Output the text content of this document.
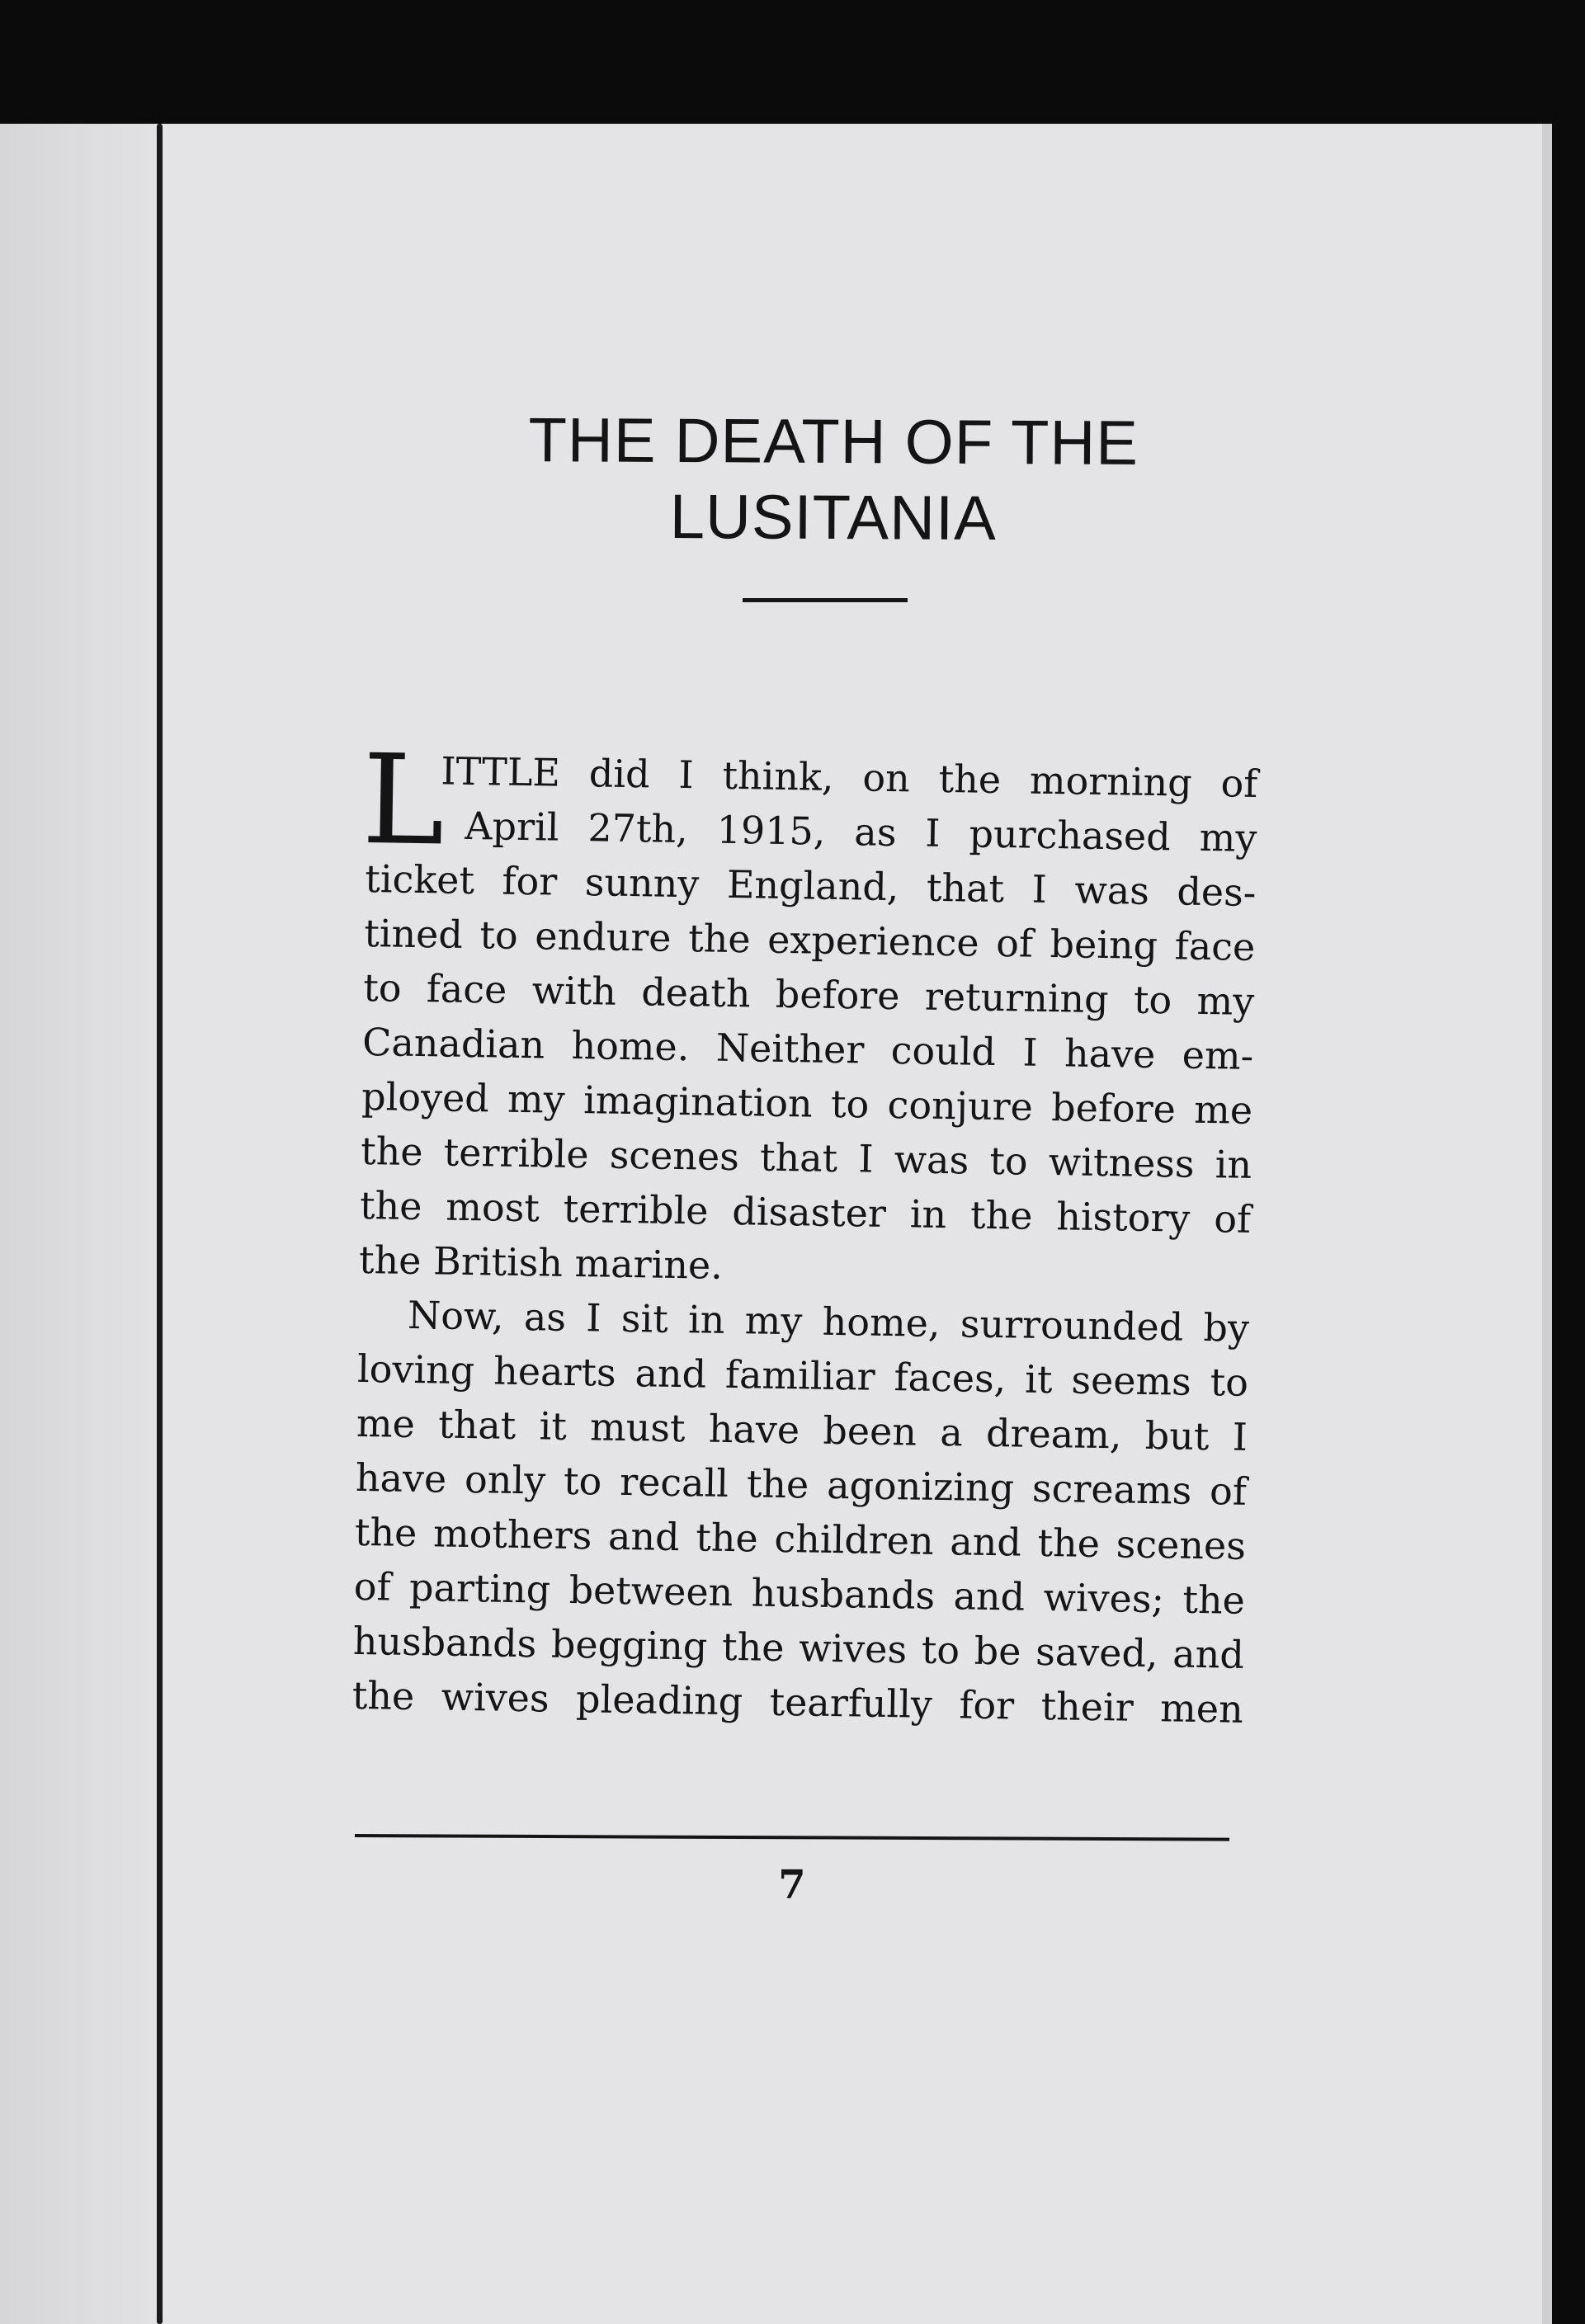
THE DEATH OF THE
LUSITANIA
L
ITTLE did I think, on the morning of
April 27th, 1915, as I purchased my
ticket for sunny England, that I was des-
tined to endure the experience of being face
to face with death before returning to my
Canadian home. Neither could I have em-
ployed my imagination to conjure before me
the terrible scenes that I was to witness in
the most terrible disaster in the history of
the British marine.
Now, as I sit in my home, surrounded by
loving hearts and familiar faces, it seems to
me that it must have been a dream, but I
have only to recall the agonizing screams of
the mothers and the children and the scenes
of parting between husbands and wives; the
husbands begging the wives to be saved, and
the wives pleading tearfully for their men
7
